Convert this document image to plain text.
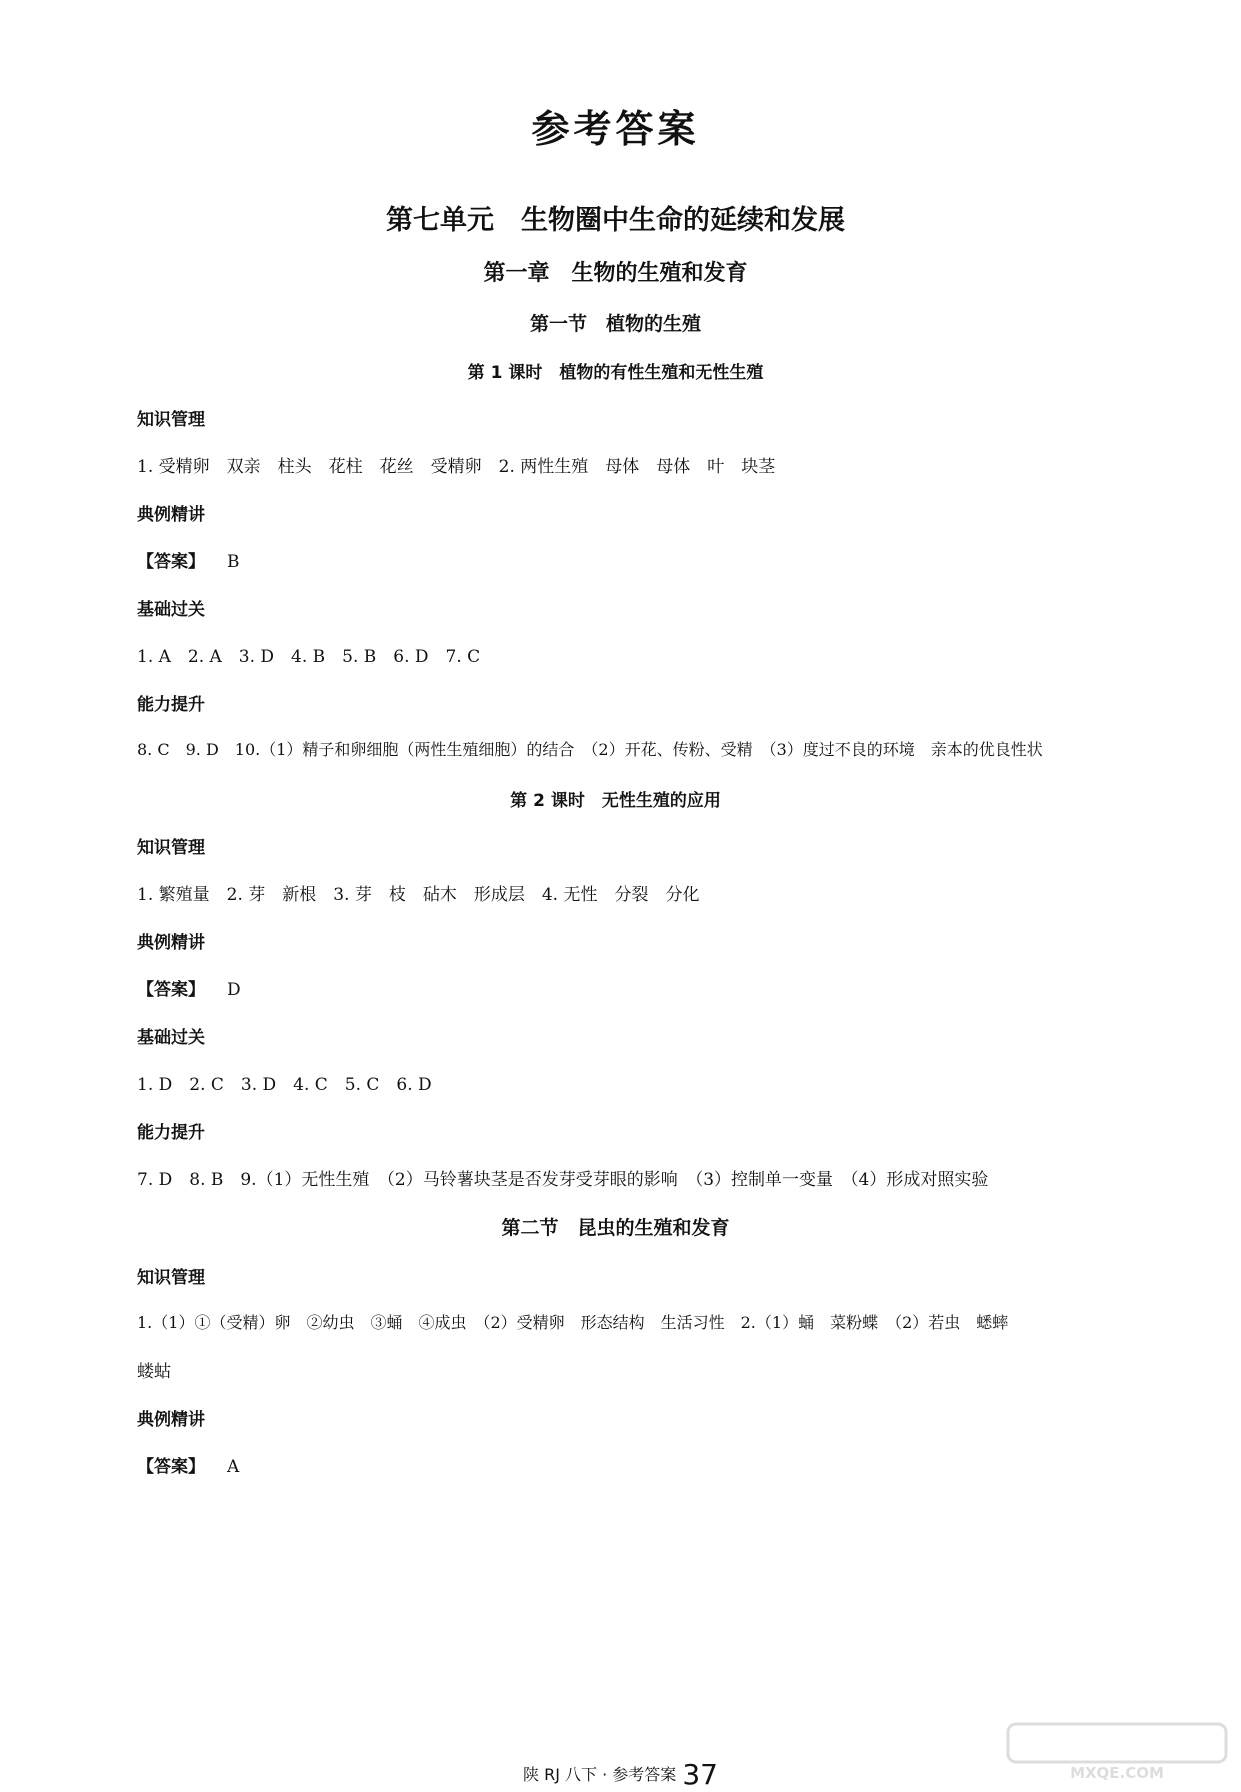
参考答案
第七单元　生物圈中生命的延续和发展
第一章　生物的生殖和发育
第一节　植物的生殖
第 1 课时　植物的有性生殖和无性生殖
知识管理
1. 受精卵　双亲　柱头　花柱　花丝　受精卵　2. 两性生殖　母体　母体　叶　块茎
典例精讲
【答案】 B
基础过关
1. A　2. A　3. D　4. B　5. B　6. D　7. C
能力提升
8. C　9. D　10.（1）精子和卵细胞（两性生殖细胞）的结合　（2）开花、传粉、受精　（3）度过不良的环境　亲本的优良性状
第 2 课时　无性生殖的应用
知识管理
1. 繁殖量　2. 芽　新根　3. 芽　枝　砧木　形成层　4. 无性　分裂　分化
典例精讲
【答案】 D
基础过关
1. D　2. C　3. D　4. C　5. C　6. D
能力提升
7. D　8. B　9.（1）无性生殖　（2）马铃薯块茎是否发芽受芽眼的影响　（3）控制单一变量　（4）形成对照实验
第二节　昆虫的生殖和发育
知识管理
1.（1）①（受精）卵　②幼虫　③蛹　④成虫　（2）受精卵　形态结构　生活习性　2.（1）蛹　菜粉蝶　（2）若虫　蟋蟀
蝼蛄
典例精讲
【答案】 A
陕 RJ 八下 · 参考答案 37	MXQE.COM
